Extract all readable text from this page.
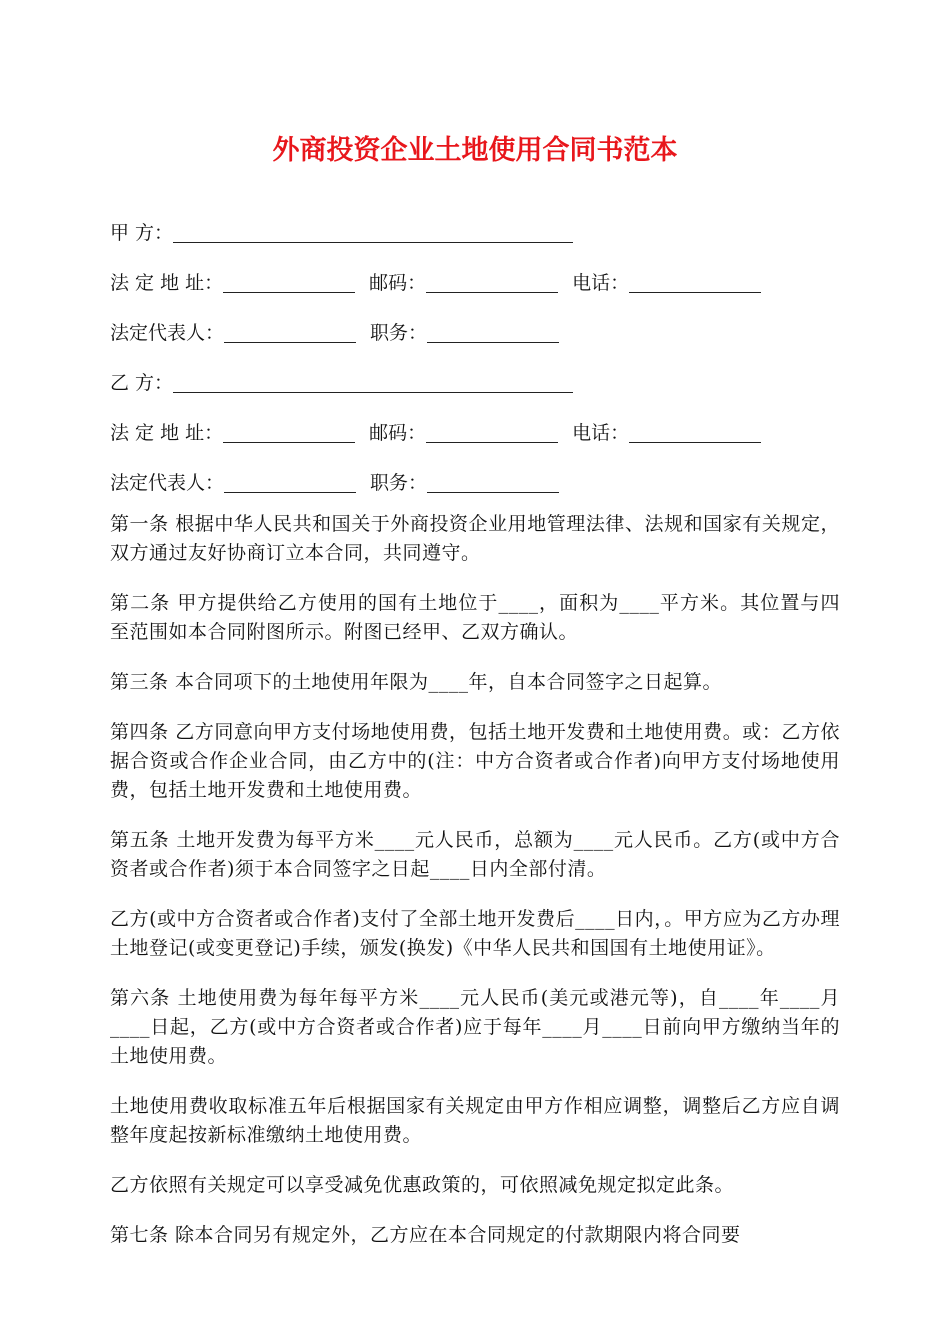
外商投资企业土地使用合同书范本
甲 方：
法 定 地 址：	邮码：	电话：
法定代表人：	职务：
乙 方：
法 定 地 址：	邮码：	电话：
法定代表人：	职务：

第一条 根据中华人民共和国关于外商投资企业用地管理法律、法规和国家有关规定，双方通过友好协商订立本合同，共同遵守。

第二条 甲方提供给乙方使用的国有土地位于____，面积为____平方米。其位置与四至范围如本合同附图所示。附图已经甲、乙双方确认。

第三条 本合同项下的土地使用年限为____年，自本合同签字之日起算。

第四条 乙方同意向甲方支付场地使用费，包括土地开发费和土地使用费。或：乙方依据合资或合作企业合同，由乙方中的(注：中方合资者或合作者)向甲方支付场地使用费，包括土地开发费和土地使用费。

第五条 土地开发费为每平方米____元人民币，总额为____元人民币。乙方(或中方合资者或合作者)须于本合同签字之日起____日内全部付清。

乙方(或中方合资者或合作者)支付了全部土地开发费后____日内，。甲方应为乙方办理土地登记(或变更登记)手续，颁发(换发)《中华人民共和国国有土地使用证》。

第六条 土地使用费为每年每平方米____元人民币(美元或港元等)，自____年____月____日起，乙方(或中方合资者或合作者)应于每年____月____日前向甲方缴纳当年的土地使用费。

土地使用费收取标准五年后根据国家有关规定由甲方作相应调整，调整后乙方应自调整年度起按新标准缴纳土地使用费。

乙方依照有关规定可以享受减免优惠政策的，可依照减免规定拟定此条。

第七条 除本合同另有规定外，乙方应在本合同规定的付款期限内将合同要
